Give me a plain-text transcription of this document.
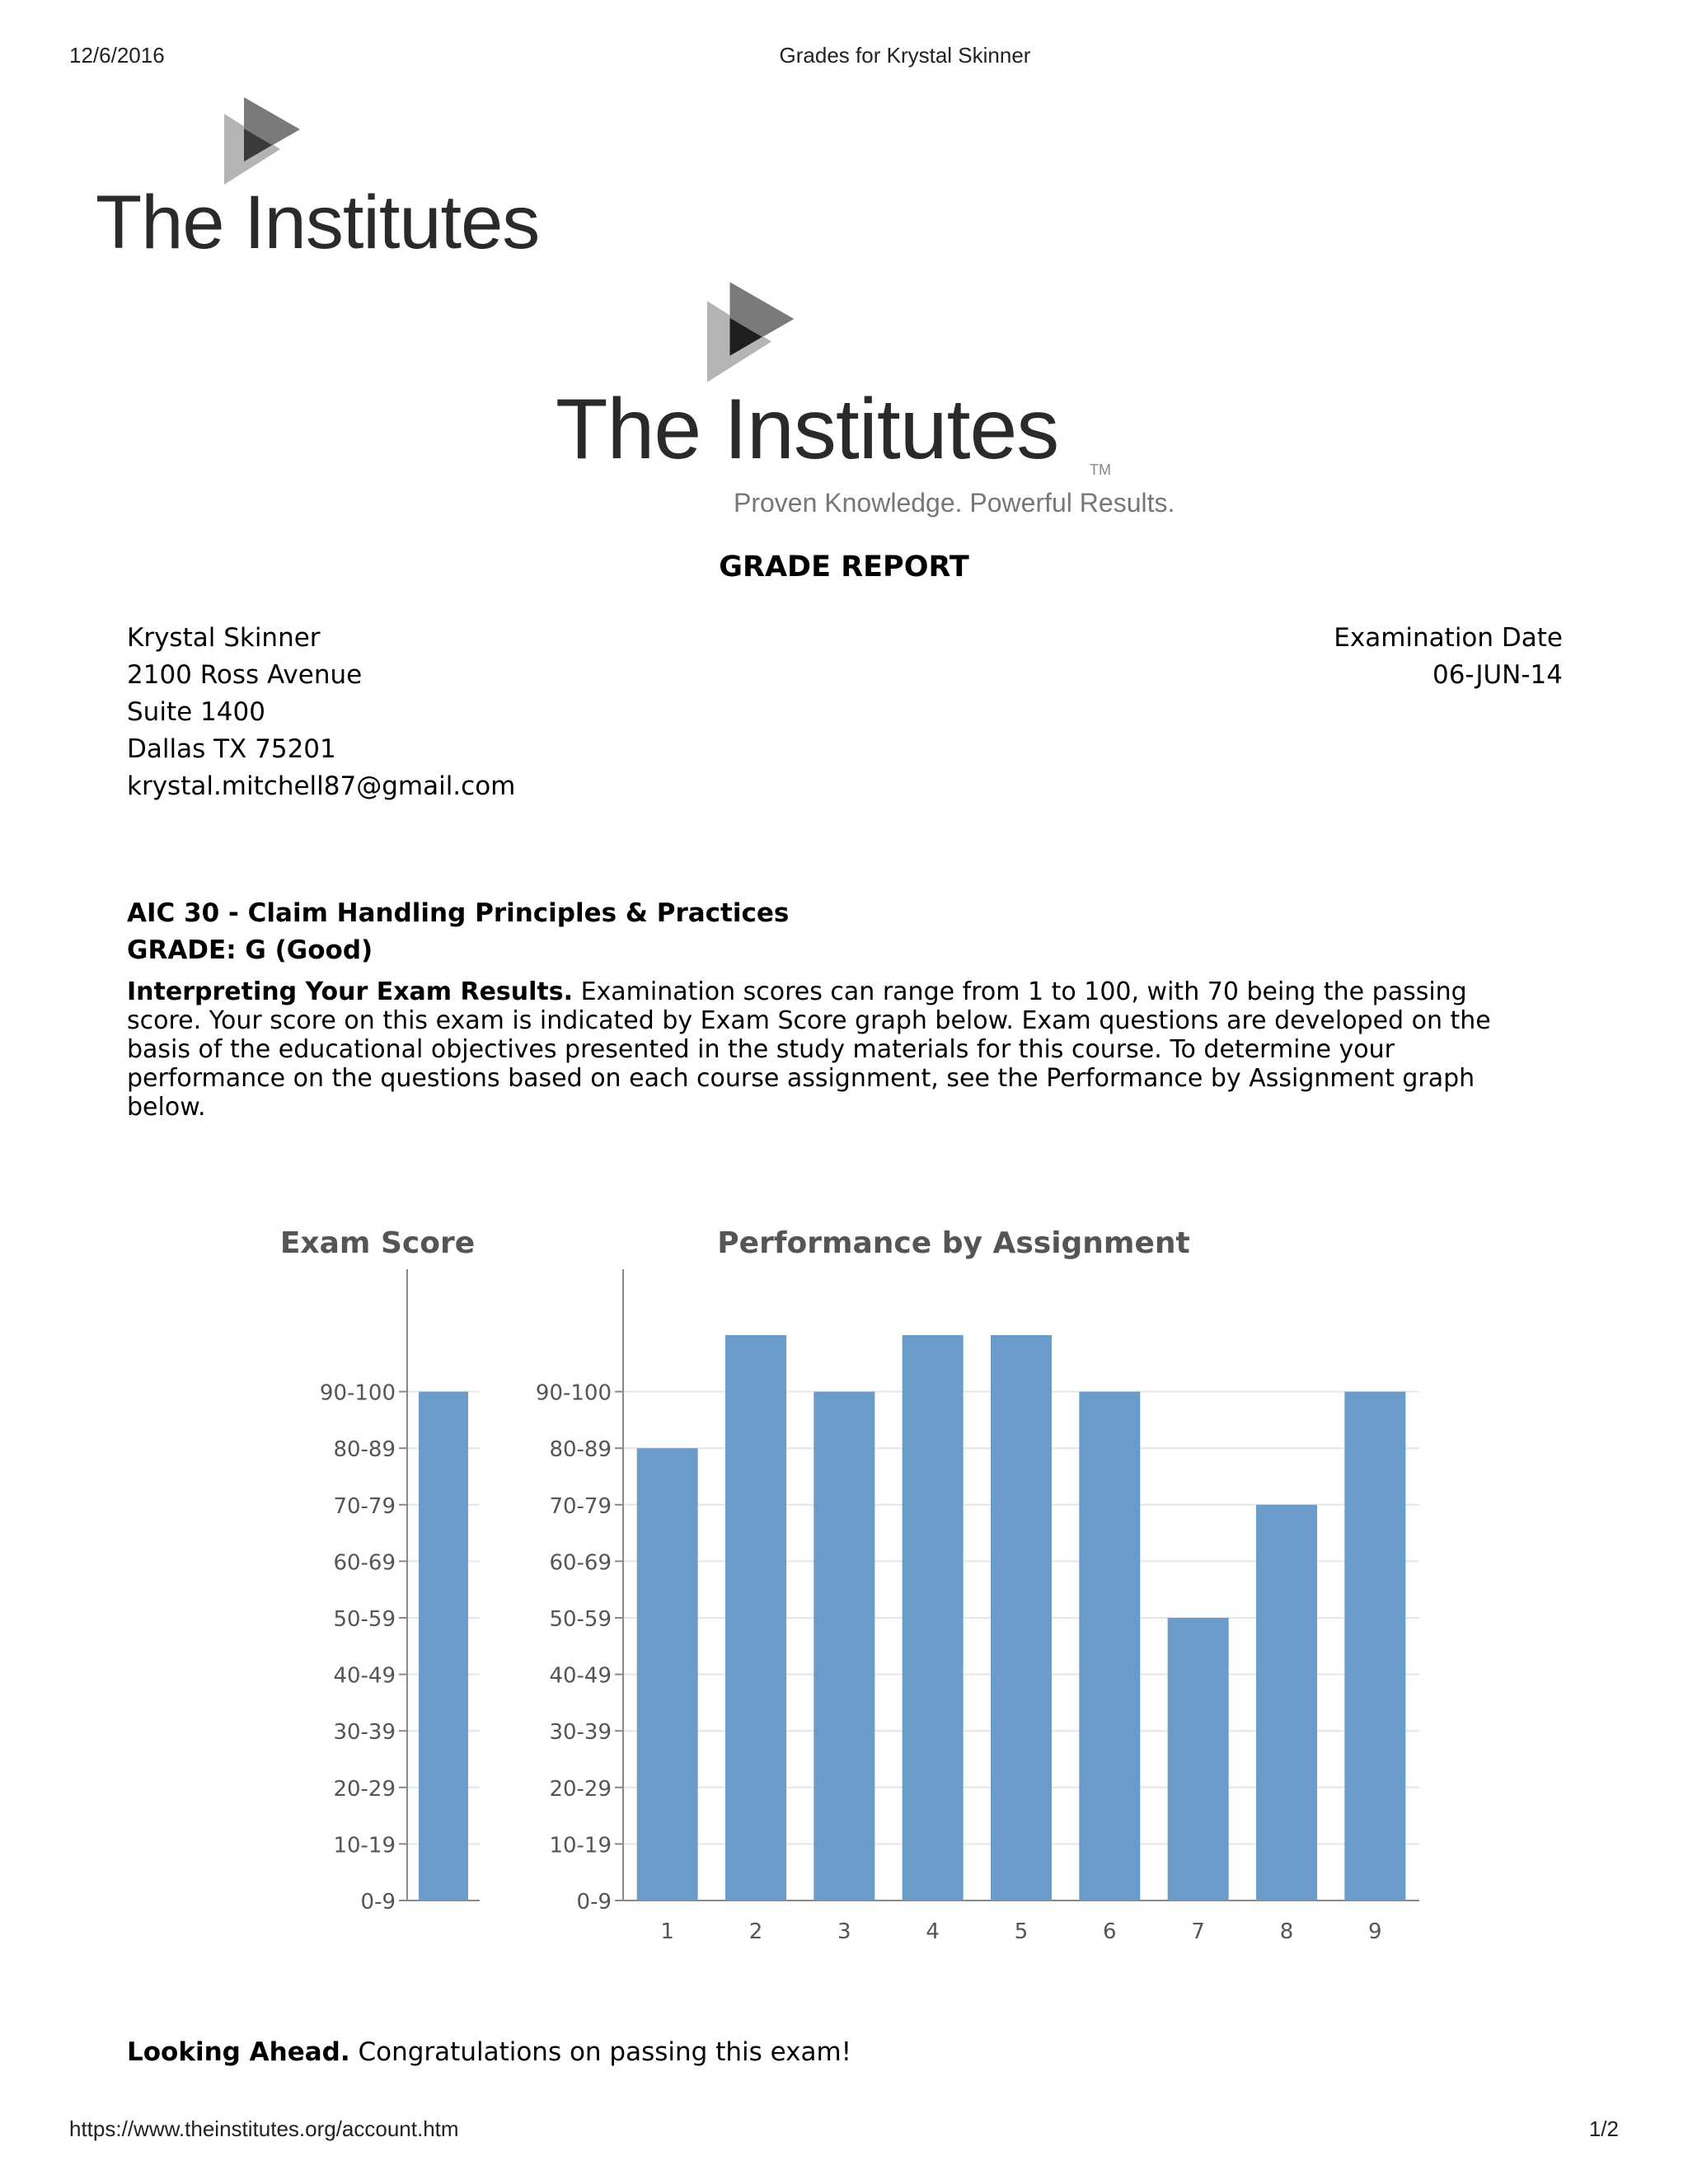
12/6/2016	Grades for Krystal Skinner
The Institutes
The Institutes TM
Proven Knowledge. Powerful Results.
GRADE REPORT
Krystal Skinner
2100 Ross Avenue
Suite 1400
Dallas TX 75201
krystal.mitchell87@gmail.com
Examination Date
06-JUN-14
AIC 30 - Claim Handling Principles & Practices
GRADE: G (Good)
Interpreting Your Exam Results. Examination scores can range from 1 to 100, with 70 being the passing score. Your score on this exam is indicated by Exam Score graph below. Exam questions are developed on the basis of the educational objectives presented in the study materials for this course. To determine your performance on the questions based on each course assignment, see the Performance by Assignment graph below.
Exam Score	Performance by Assignment
0-9
10-19
20-29
30-39
40-49
50-59
60-69
70-79
80-89
90-100
0-9
10-19
20-29
30-39
40-49
50-59
60-69
70-79
80-89
90-100
1	2	3	4	5	6	7	8	9
Looking Ahead. Congratulations on passing this exam!
https://www.theinstitutes.org/account.htm	1/2
